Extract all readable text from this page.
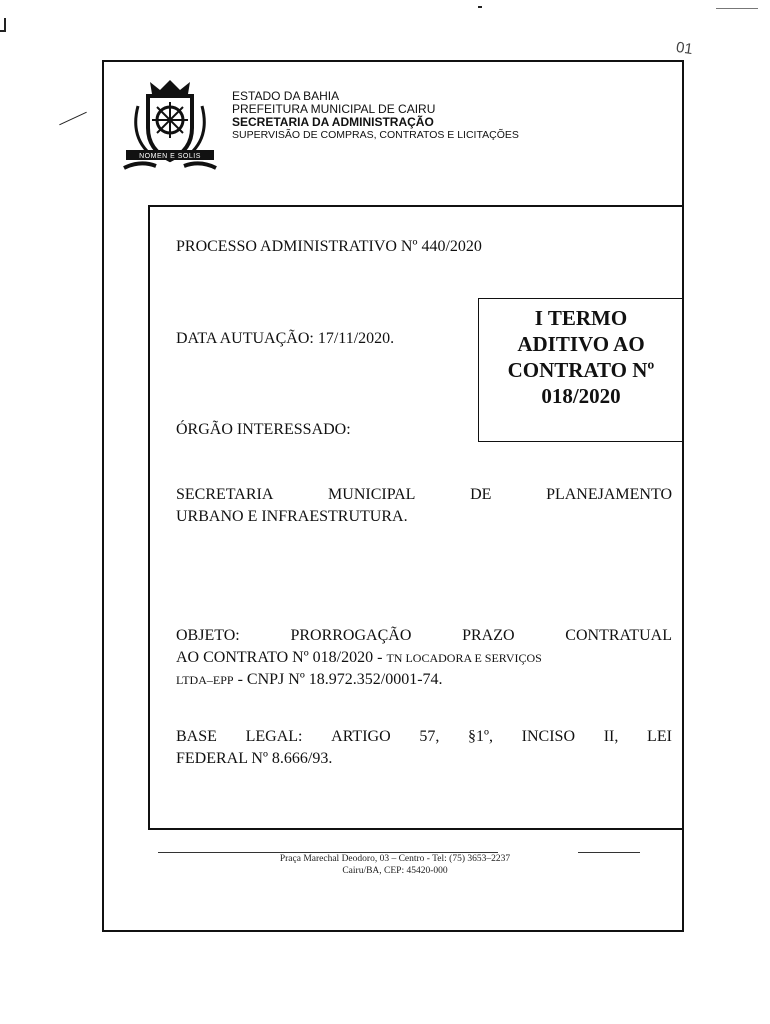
01
NOMEN E SOLIS
ESTADO DA BAHIA
PREFEITURA MUNICIPAL DE CAIRU
SECRETARIA DA ADMINISTRAÇÃO
SUPERVISÃO DE COMPRAS, CONTRATOS E LICITAÇÕES
PROCESSO ADMINISTRATIVO Nº 440/2020
DATA AUTUAÇÃO: 17/11/2020.
I TERMO
ADITIVO AO
CONTRATO Nº
018/2020
ÓRGÃO INTERESSADO:
SECRETARIA	MUNICIPAL	DE	PLANEJAMENTO
URBANO E INFRAESTRUTURA.
OBJETO:	PRORROGAÇÃO	PRAZO	CONTRATUAL
AO CONTRATO Nº 018/2020 - TN LOCADORA E SERVIÇOS
LTDA–EPP - CNPJ Nº 18.972.352/0001-74.
BASE LEGAL: ARTIGO 57, §1º, INCISO II, LEI
FEDERAL Nº 8.666/93.
Praça Marechal Deodoro, 03 – Centro - Tel: (75) 3653–2237
Cairu/BA, CEP: 45420-000
